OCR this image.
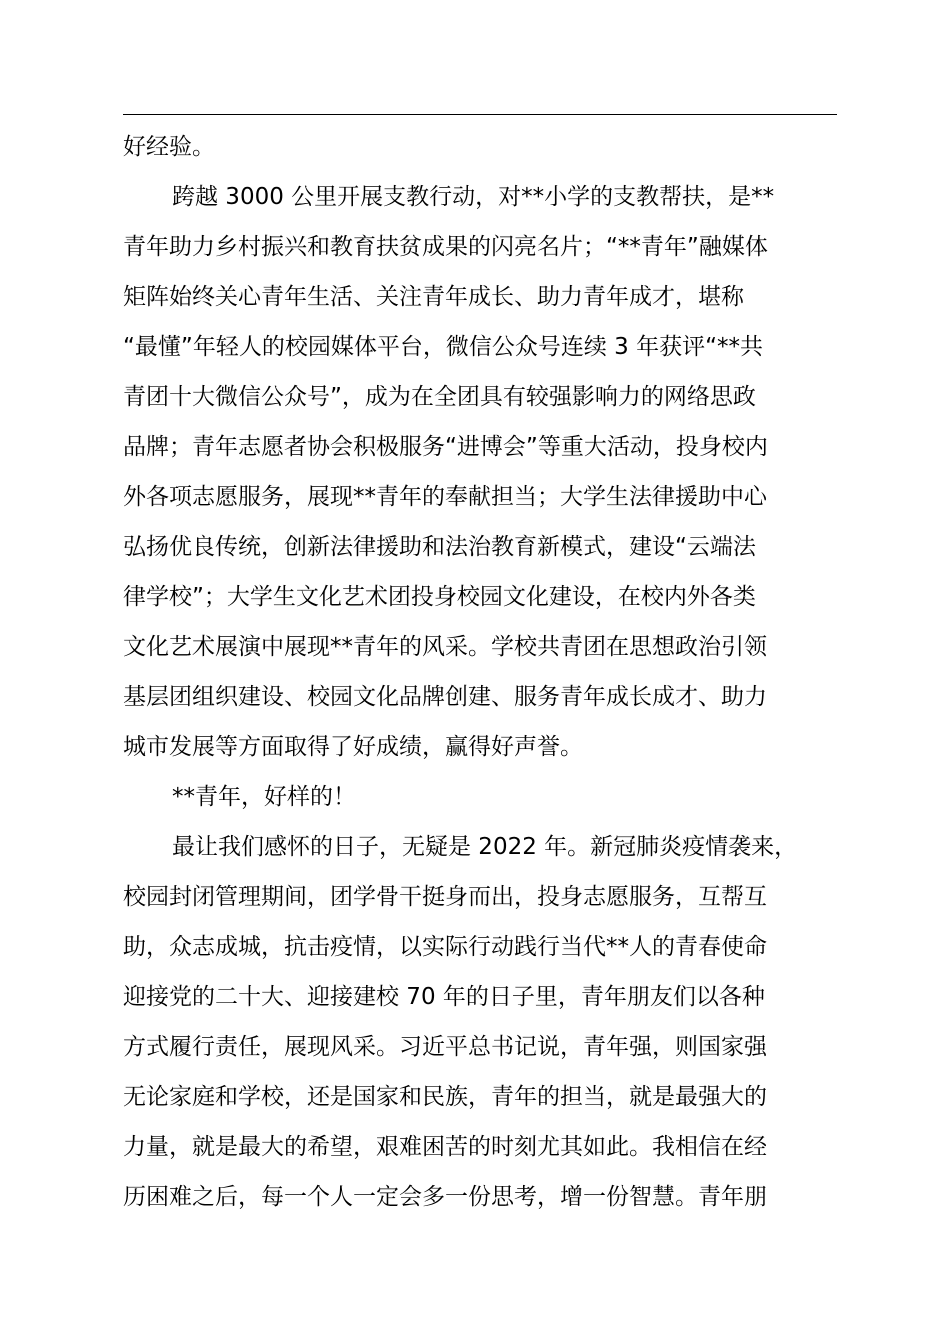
好经验。
跨越 3000 公里开展支教行动，对**小学的支教帮扶，是**
青年助力乡村振兴和教育扶贫成果的闪亮名片；“**青年”融媒体
矩阵始终关心青年生活、关注青年成长、助力青年成才，堪称
“最懂”年轻人的校园媒体平台，微信公众号连续 3 年获评“**共
青团十大微信公众号”，成为在全团具有较强影响力的网络思政
品牌；青年志愿者协会积极服务“进博会”等重大活动，投身校内
外各项志愿服务，展现**青年的奉献担当；大学生法律援助中心
弘扬优良传统，创新法律援助和法治教育新模式，建设“云端法
律学校”；大学生文化艺术团投身校园文化建设，在校内外各类
文化艺术展演中展现**青年的风采。学校共青团在思想政治引领
基层团组织建设、校园文化品牌创建、服务青年成长成才、助力
城市发展等方面取得了好成绩，赢得好声誉。
**青年，好样的！
最让我们感怀的日子，无疑是 2022 年。新冠肺炎疫情袭来，
校园封闭管理期间，团学骨干挺身而出，投身志愿服务，互帮互
助，众志成城，抗击疫情，以实际行动践行当代**人的青春使命
迎接党的二十大、迎接建校 70 年的日子里，青年朋友们以各种
方式履行责任，展现风采。习近平总书记说，青年强，则国家强
无论家庭和学校，还是国家和民族，青年的担当，就是最强大的
力量，就是最大的希望，艰难困苦的时刻尤其如此。我相信在经
历困难之后，每一个人一定会多一份思考，增一份智慧。青年朋
